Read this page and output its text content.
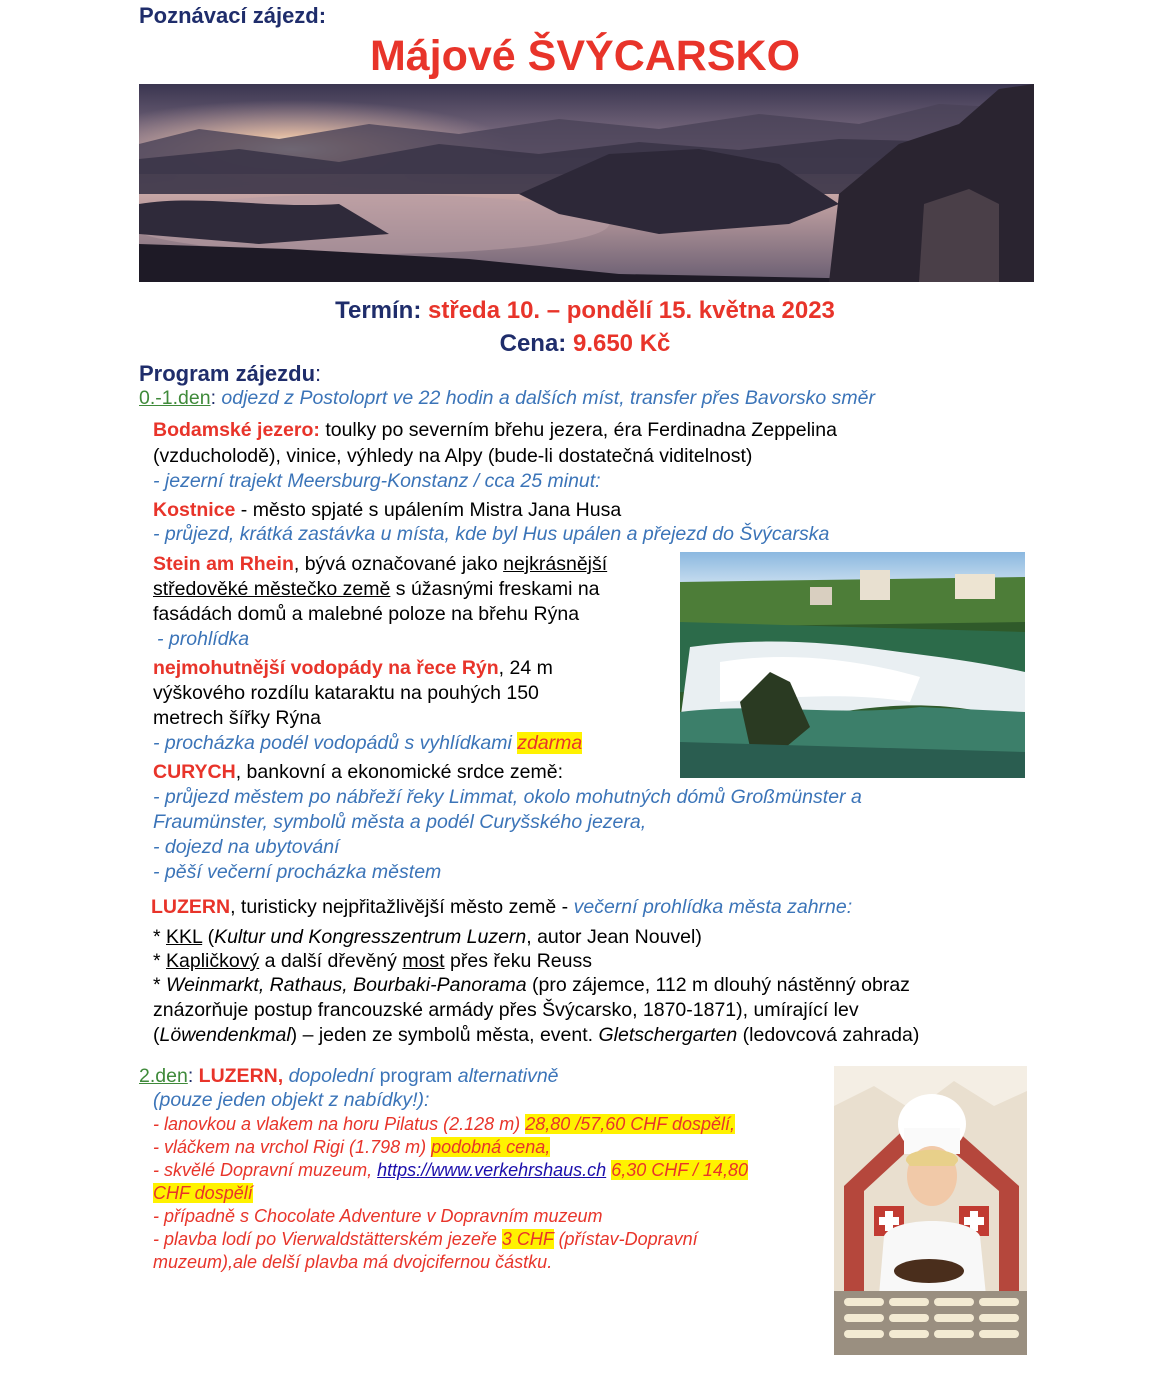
Poznávací zájezd:
Májové ŠVÝCARSKO
Termín: středa 10. – pondělí 15. května 2023
Cena: 9.650 Kč
Program zájezdu:
0.-1.den: odjezd z Postoloprt ve 22 hodin a dalších míst, transfer přes Bavorsko směr
Bodamské jezero: toulky po severním břehu jezera, éra Ferdinadna Zeppelina
(vzducholodě), vinice, výhledy na Alpy (bude-li dostatečná viditelnost)
- jezerní trajekt Meersburg-Konstanz / cca 25 minut:
Kostnice - město spjaté s upálením Mistra Jana Husa
- průjezd, krátká zastávka u místa, kde byl Hus upálen a přejezd do Švýcarska
Stein am Rhein, bývá označované jako nejkrásnější
středověké městečko země s úžasnými freskami na
fasádách domů a malebné poloze na břehu Rýna
- prohlídka
nejmohutnější vodopády na řece Rýn, 24 m
výškového rozdílu kataraktu na pouhých 150
metrech šířky Rýna
- procházka podél vodopádů s vyhlídkami zdarma
CURYCH, bankovní a ekonomické srdce země:
- průjezd městem po nábřeží řeky Limmat, okolo mohutných dómů Großmünster a
Fraumünster, symbolů města a podél Curyšského jezera,
- dojezd na ubytování
- pěší večerní procházka městem
LUZERN, turisticky nejpřitažlivější město země - večerní prohlídka města zahrne:
* KKL (Kultur und Kongresszentrum Luzern, autor Jean Nouvel)
* Kapličkový a další dřevěný most přes řeku Reuss
* Weinmarkt, Rathaus, Bourbaki-Panorama (pro zájemce, 112 m dlouhý nástěnný obraz
znázorňuje postup francouzské armády přes Švýcarsko, 1870-1871), umírající lev
(Löwendenkmal) – jeden ze symbolů města, event. Gletschergarten (ledovcová zahrada)
2.den: LUZERN, dopolední program alternativně
(pouze jeden objekt z nabídky!):
- lanovkou a vlakem na horu Pilatus (2.128 m) 28,80 /57,60 CHF dospělí,
- vláčkem na vrchol Rigi (1.798 m) podobná cena,
- skvělé Dopravní muzeum, https://www.verkehrshaus.ch 6,30 CHF / 14,80
CHF dospělí
- případně s Chocolate Adventure v Dopravním muzeum
- plavba lodí po Vierwaldstätterském jezeře 3 CHF (přístav-Dopravní
muzeum),ale delší plavba má dvojcifernou částku.
